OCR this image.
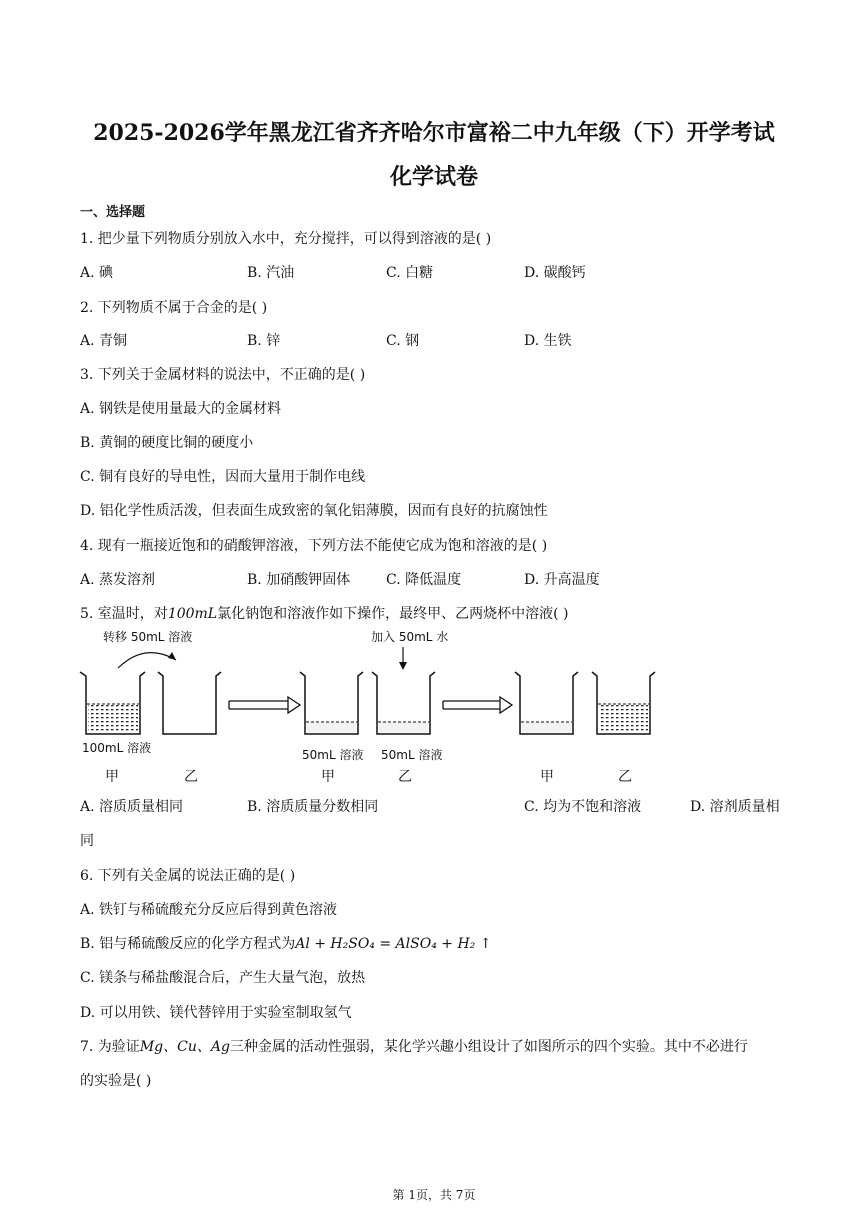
2025-2026学年黑龙江省齐齐哈尔市富裕二中九年级（下）开学考试
化学试卷
一、选择题
1. 把少量下列物质分别放入水中，充分搅拌，可以得到溶液的是( )
A. 碘	B. 汽油	C. 白糖	D. 碳酸钙
2. 下列物质不属于合金的是( )
A. 青铜	B. 锌	C. 钢	D. 生铁
3. 下列关于金属材料的说法中，不正确的是( )
A. 钢铁是使用量最大的金属材料
B. 黄铜的硬度比铜的硬度小
C. 铜有良好的导电性，因而大量用于制作电线
D. 铝化学性质活泼，但表面生成致密的氧化铝薄膜，因而有良好的抗腐蚀性
4. 现有一瓶接近饱和的硝酸钾溶液，下列方法不能使它成为饱和溶液的是( )
A. 蒸发溶剂	B. 加硝酸钾固体	C. 降低温度	D. 升高温度
5. 室温时，对100mL氯化钠饱和溶液作如下操作，最终甲、乙两烧杯中溶液( )
转移 50mL 溶液
100mL 溶液
甲	乙
加入 50mL 水
50mL 溶液 50mL 溶液
甲	乙	甲	乙
A. 溶质质量相同	B. 溶质质量分数相同	C. 均为不饱和溶液	D. 溶剂质量相
同
6. 下列有关金属的说法正确的是( )
A. 铁钉与稀硫酸充分反应后得到黄色溶液
B. 铝与稀硫酸反应的化学方程式为Al + H₂SO₄ = AlSO₄ + H₂ ↑
C. 镁条与稀盐酸混合后，产生大量气泡，放热
D. 可以用铁、镁代替锌用于实验室制取氢气
7. 为验证Mg、Cu、Ag三种金属的活动性强弱，某化学兴趣小组设计了如图所示的四个实验。其中不必进行
的实验是( )
第 1页，共 7页
